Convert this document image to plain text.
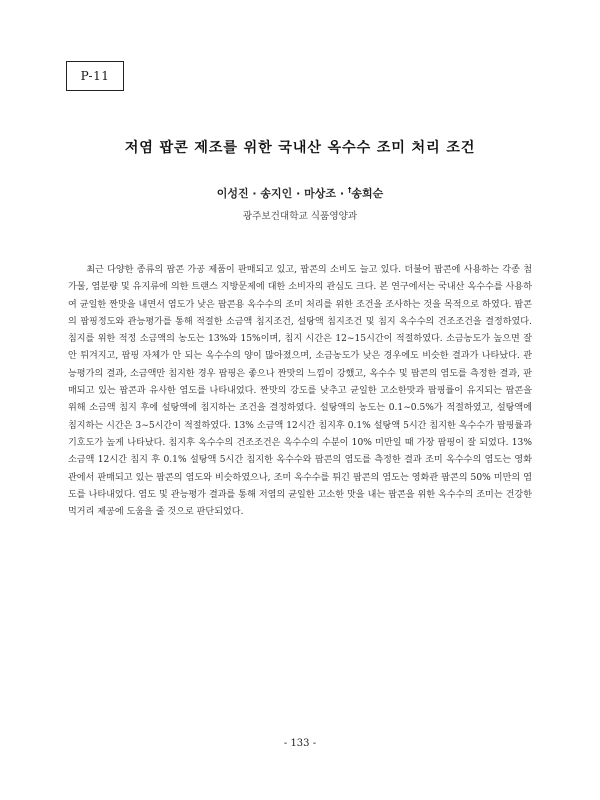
P-11
저염 팝콘 제조를 위한 국내산 옥수수 조미 처리 조건
이성진 · 송지인 · 마상조 · †송희순
광주보건대학교 식품영양과

최근 다양한 종류의 팝콘 가공 제품이 판매되고 있고, 팝콘의 소비도 늘고 있다. 더불어 팝콘에 사용하는 각종 첨가물, 염분량 및 유지류에 의한 트랜스 지방문제에 대한 소비자의 관심도 크다. 본 연구에서는 국내산 옥수수를 사용하여 균일한 짠맛을 내면서 염도가 낮은 팝콘용 옥수수의 조미 처리를 위한 조건을 조사하는 것을 목적으로 하였다. 팝콘의 팝핑정도와 관능평가를 통해 적절한 소금액 침지조건, 설탕액 침지조건 및 침지 옥수수의 건조조건을 결정하였다. 침지를 위한 적정 소금액의 농도는 13%와 15%이며, 침지 시간은 12∼15시간이 적절하였다. 소금농도가 높으면 잘 안 튀겨지고, 팝핑 자체가 안 되는 옥수수의 양이 많아졌으며, 소금농도가 낮은 경우에도 비슷한 결과가 나타났다. 관능평가의 결과, 소금액만 침지한 경우 팝핑은 좋으나 짠맛의 느낌이 강했고, 옥수수 및 팝콘의 염도를 측정한 결과, 판매되고 있는 팝콘과 유사한 염도를 나타내었다. 짠맛의 강도를 낮추고 균일한 고소한맛과 팝핑률이 유지되는 팝콘을 위해 소금액 침지 후에 설탕액에 침지하는 조건을 결정하였다. 설탕액의 농도는 0.1∼0.5%가 적절하였고, 설탕액에 침지하는 시간은 3∼5시간이 적절하였다. 13% 소금액 12시간 침지후 0.1% 설탕액 5시간 침지한 옥수수가 팝핑률과 기호도가 높게 나타났다. 침지후 옥수수의 건조조건은 옥수수의 수분이 10% 미만일 때 가장 팝핑이 잘 되었다. 13% 소금액 12시간 침지 후 0.1% 설탕액 5시간 침지한 옥수수와 팝콘의 염도를 측정한 결과 조미 옥수수의 염도는 영화관에서 판매되고 있는 팝콘의 염도와 비슷하였으나, 조미 옥수수를 튀긴 팝콘의 염도는 영화관 팝콘의 50% 미만의 염도를 나타내었다. 염도 및 관능평가 결과를 통해 저염의 균일한 고소한 맛을 내는 팝콘을 위한 옥수수의 조미는 건강한 먹거리 제공에 도움을 줄 것으로 판단되었다.

- 133 -
